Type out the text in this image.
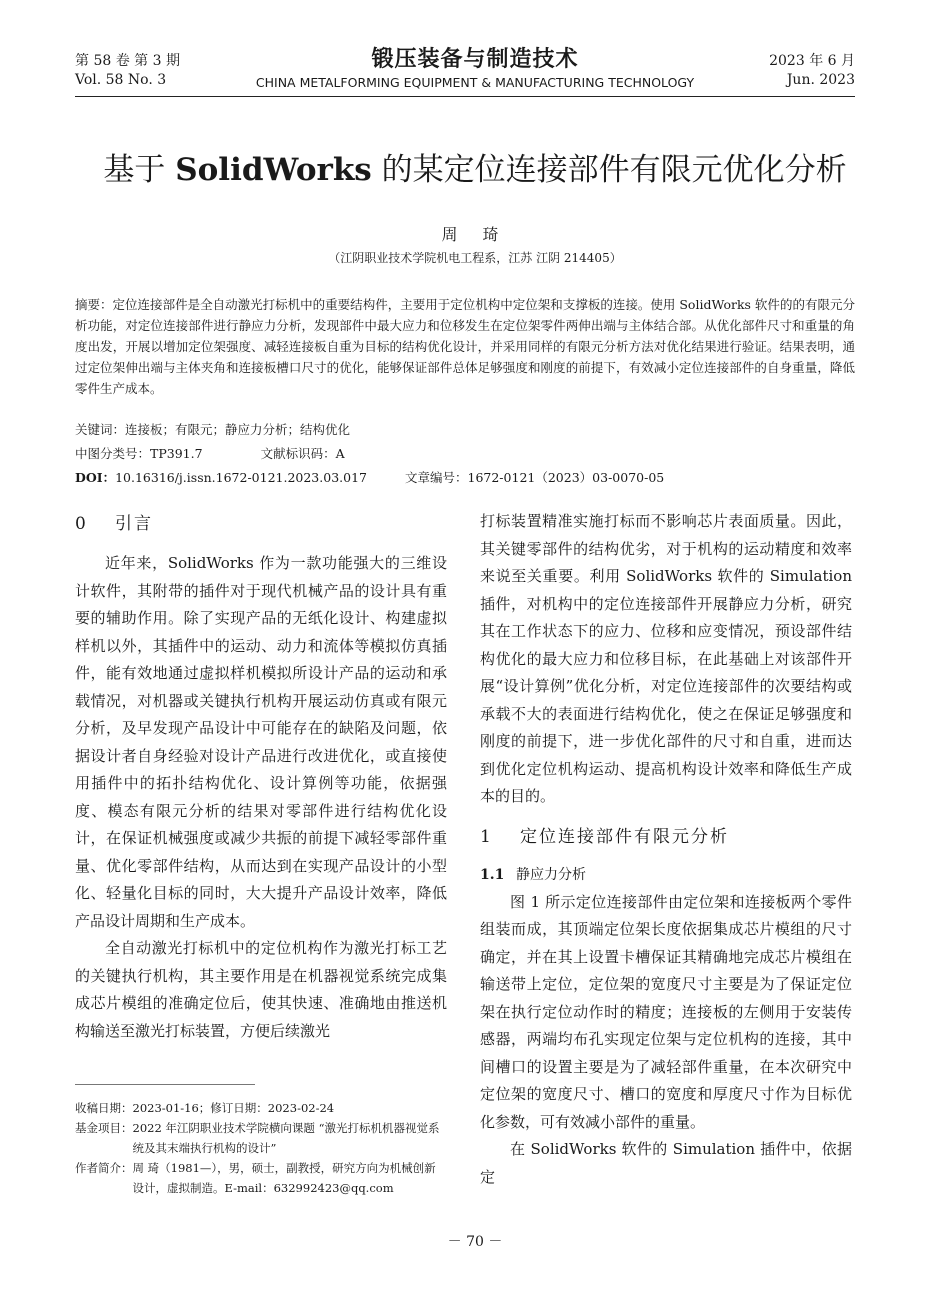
第 58 卷 第 3 期
Vol. 58 No. 3
锻压装备与制造技术
CHINA METALFORMING EQUIPMENT & MANUFACTURING TECHNOLOGY
2023 年 6 月
Jun. 2023
基于 SolidWorks 的某定位连接部件有限元优化分析
周 琦
（江阴职业技术学院机电工程系，江苏 江阴 214405）
摘要：定位连接部件是全自动激光打标机中的重要结构件，主要用于定位机构中定位架和支撑板的连接。使用 SolidWorks 软件的的有限元分析功能，对定位连接部件进行静应力分析，发现部件中最大应力和位移发生在定位架零件两伸出端与主体结合部。从优化部件尺寸和重量的角度出发，开展以增加定位架强度、减轻连接板自重为目标的结构优化设计，并采用同样的有限元分析方法对优化结果进行验证。结果表明，通过定位架伸出端与主体夹角和连接板槽口尺寸的优化，能够保证部件总体足够强度和刚度的前提下，有效减小定位连接部件的自身重量，降低零件生产成本。
关键词：连接板；有限元；静应力分析；结构优化
中图分类号：TP391.7	文献标识码：A
DOI：10.16316/j.issn.1672-0121.2023.03.017	文章编号：1672-0121（2023）03-0070-05
0 引言

近年来，SolidWorks 作为一款功能强大的三维设计软件，其附带的插件对于现代机械产品的设计具有重要的辅助作用。除了实现产品的无纸化设计、构建虚拟样机以外，其插件中的运动、动力和流体等模拟仿真插件，能有效地通过虚拟样机模拟所设计产品的运动和承载情况，对机器或关键执行机构开展运动仿真或有限元分析，及早发现产品设计中可能存在的缺陷及问题，依据设计者自身经验对设计产品进行改进优化，或直接使用插件中的拓扑结构优化、设计算例等功能，依据强度、模态有限元分析的结果对零部件进行结构优化设计，在保证机械强度或减少共振的前提下减轻零部件重量、优化零部件结构，从而达到在实现产品设计的小型化、轻量化目标的同时，大大提升产品设计效率，降低产品设计周期和生产成本。

全自动激光打标机中的定位机构作为激光打标工艺的关键执行机构，其主要作用是在机器视觉系统完成集成芯片模组的准确定位后，使其快速、准确地由推送机构输送至激光打标装置，方便后续激光

收稿日期： 2023-01-16；修订日期：2023-02-24
基金项目： 2022 年江阴职业技术学院横向课题 “激光打标机机器视觉系统及其末端执行机构的设计”
作者简介： 周 琦（1981—），男，硕士，副教授，研究方向为机械创新设计，虚拟制造。E-mail：632992423@qq.com

打标装置精准实施打标而不影响芯片表面质量。因此，其关键零部件的结构优劣，对于机构的运动精度和效率来说至关重要。利用 SolidWorks 软件的 Simulation 插件，对机构中的定位连接部件开展静应力分析，研究其在工作状态下的应力、位移和应变情况，预设部件结构优化的最大应力和位移目标，在此基础上对该部件开展“设计算例”优化分析，对定位连接部件的次要结构或承载不大的表面进行结构优化，使之在保证足够强度和刚度的前提下，进一步优化部件的尺寸和自重，进而达到优化定位机构运动、提高机构设计效率和降低生产成本的目的。

1 定位连接部件有限元分析
1.1 静应力分析

图 1 所示定位连接部件由定位架和连接板两个零件组装而成，其顶端定位架长度依据集成芯片模组的尺寸确定，并在其上设置卡槽保证其精确地完成芯片模组在输送带上定位，定位架的宽度尺寸主要是为了保证定位架在执行定位动作时的精度；连接板的左侧用于安装传感器，两端均布孔实现定位架与定位机构的连接，其中间槽口的设置主要是为了减轻部件重量，在本次研究中定位架的宽度尺寸、槽口的宽度和厚度尺寸作为目标优化参数，可有效减小部件的重量。

在 SolidWorks 软件的 Simulation 插件中，依据定

－ 70 －
